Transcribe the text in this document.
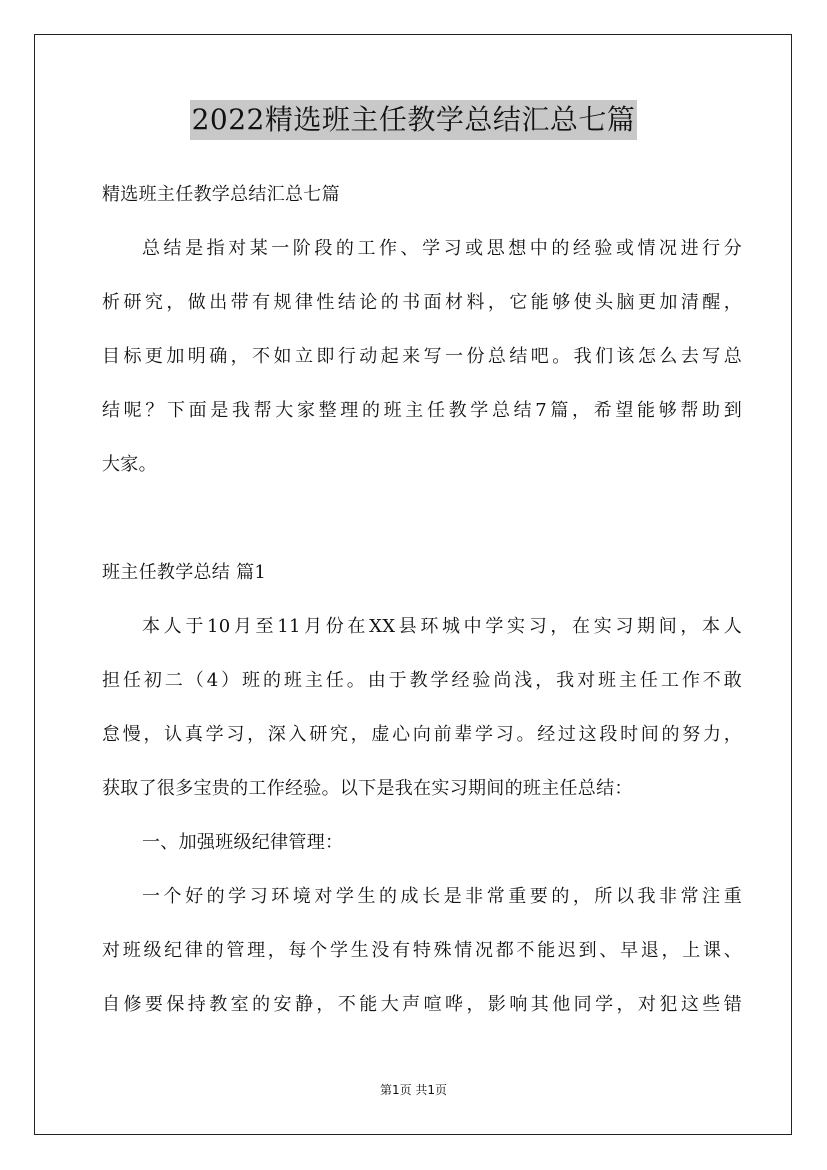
2022精选班主任教学总结汇总七篇
精选班主任教学总结汇总七篇
总结是指对某一阶段的工作、学习或思想中的经验或情况进行分
析研究，做出带有规律性结论的书面材料，它能够使头脑更加清醒，
目标更加明确，不如立即行动起来写一份总结吧。我们该怎么去写总
结呢？下面是我帮大家整理的班主任教学总结7篇，希望能够帮助到
大家。
班主任教学总结 篇1
本人于10月至11月份在XX县环城中学实习，在实习期间，本人
担任初二（4）班的班主任。由于教学经验尚浅，我对班主任工作不敢
怠慢，认真学习，深入研究，虚心向前辈学习。经过这段时间的努力，
获取了很多宝贵的工作经验。以下是我在实习期间的班主任总结：
一、加强班级纪律管理：
一个好的学习环境对学生的成长是非常重要的，所以我非常注重
对班级纪律的管理，每个学生没有特殊情况都不能迟到、早退，上课、
自修要保持教室的安静，不能大声喧哗，影响其他同学，对犯这些错
第1页 共1页
